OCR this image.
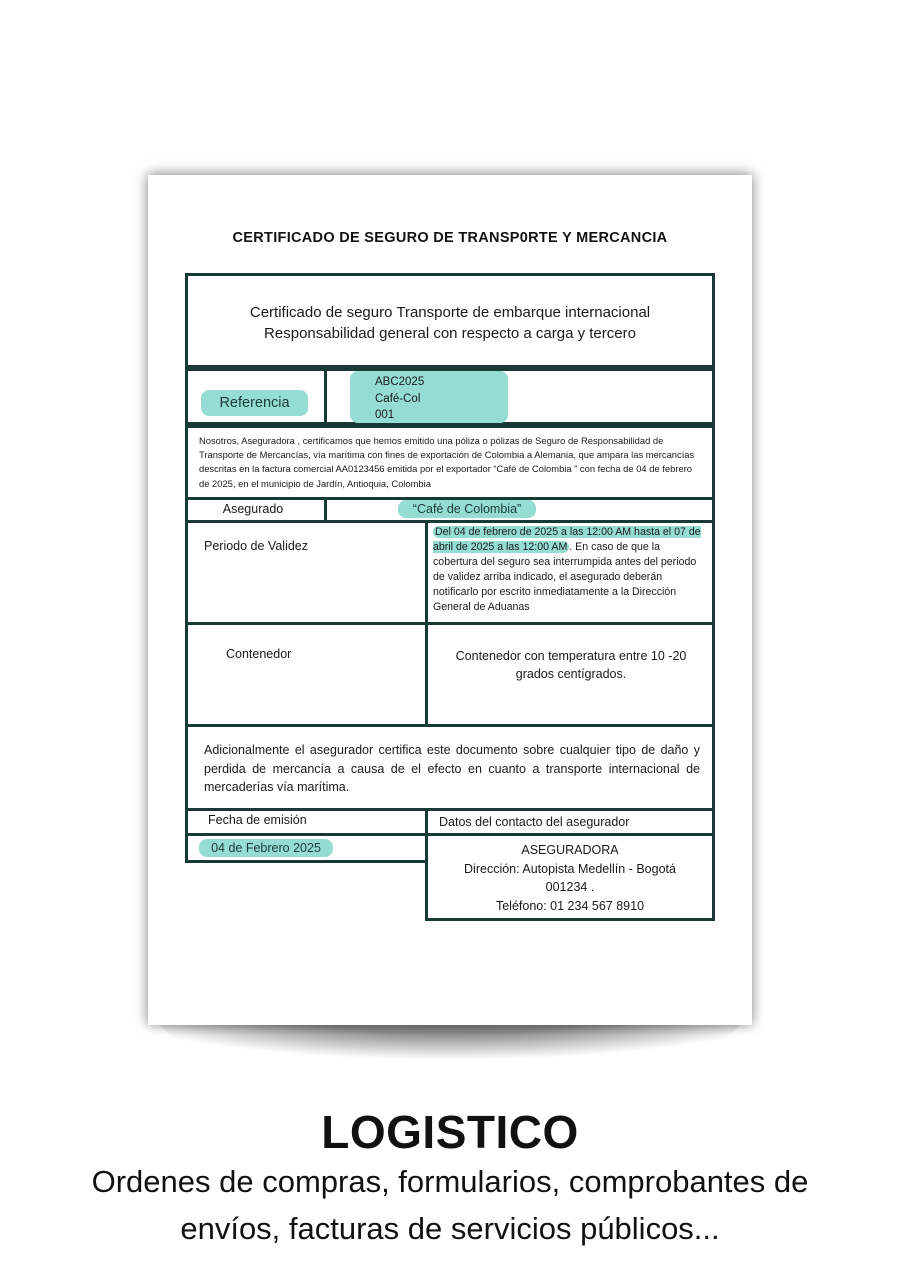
CERTIFICADO DE SEGURO DE TRANSP0RTE Y MERCANCIA
Certificado de seguro Transporte de embarque internacional
Responsabilidad general con respecto a carga y tercero
Referencia
ABC2025
Café-Col
001
Nosotros, Aseguradora , certificamos que hemos emitido una póliza o pólizas de Seguro de Responsabilidad de Transporte de Mercancías, vía marítima con fines de exportación de Colombia a Alemania, que ampara las mercancías descritas en la factura comercial AA0123456 emitida por el exportador “Café de Colombia ” con fecha de 04 de febrero de 2025, en el municipio de Jardín, Antioquia, Colombia
Asegurado	“Café de Colombia”
Periodo de Validez
Del 04 de febrero de 2025 a las 12:00 AM hasta el 07 de abril de 2025 a las 12:00 AM . En caso de que la cobertura del seguro sea interrumpida antes del periodo de validez arriba indicado, el asegurado deberán notificarlo por escrito inmediatamente a la Dirección General de Aduanas
Contenedor	Contenedor con temperatura entre 10 -20
grados centígrados.
Adicionalmente el asegurador certifica este documento sobre cualquier tipo de daño y perdida de mercancía a causa de el efecto en cuanto a transporte internacional de mercaderías vía marítima.
Fecha de emisión
04 de Febrero 2025
Datos del contacto del asegurador
ASEGURADORA
Dirección: Autopista Medellín - Bogotá
001234 .
Teléfono: 01 234 567 8910
LOGISTICO
Ordenes de compras, formularios, comprobantes de
envíos, facturas de servicios públicos...
